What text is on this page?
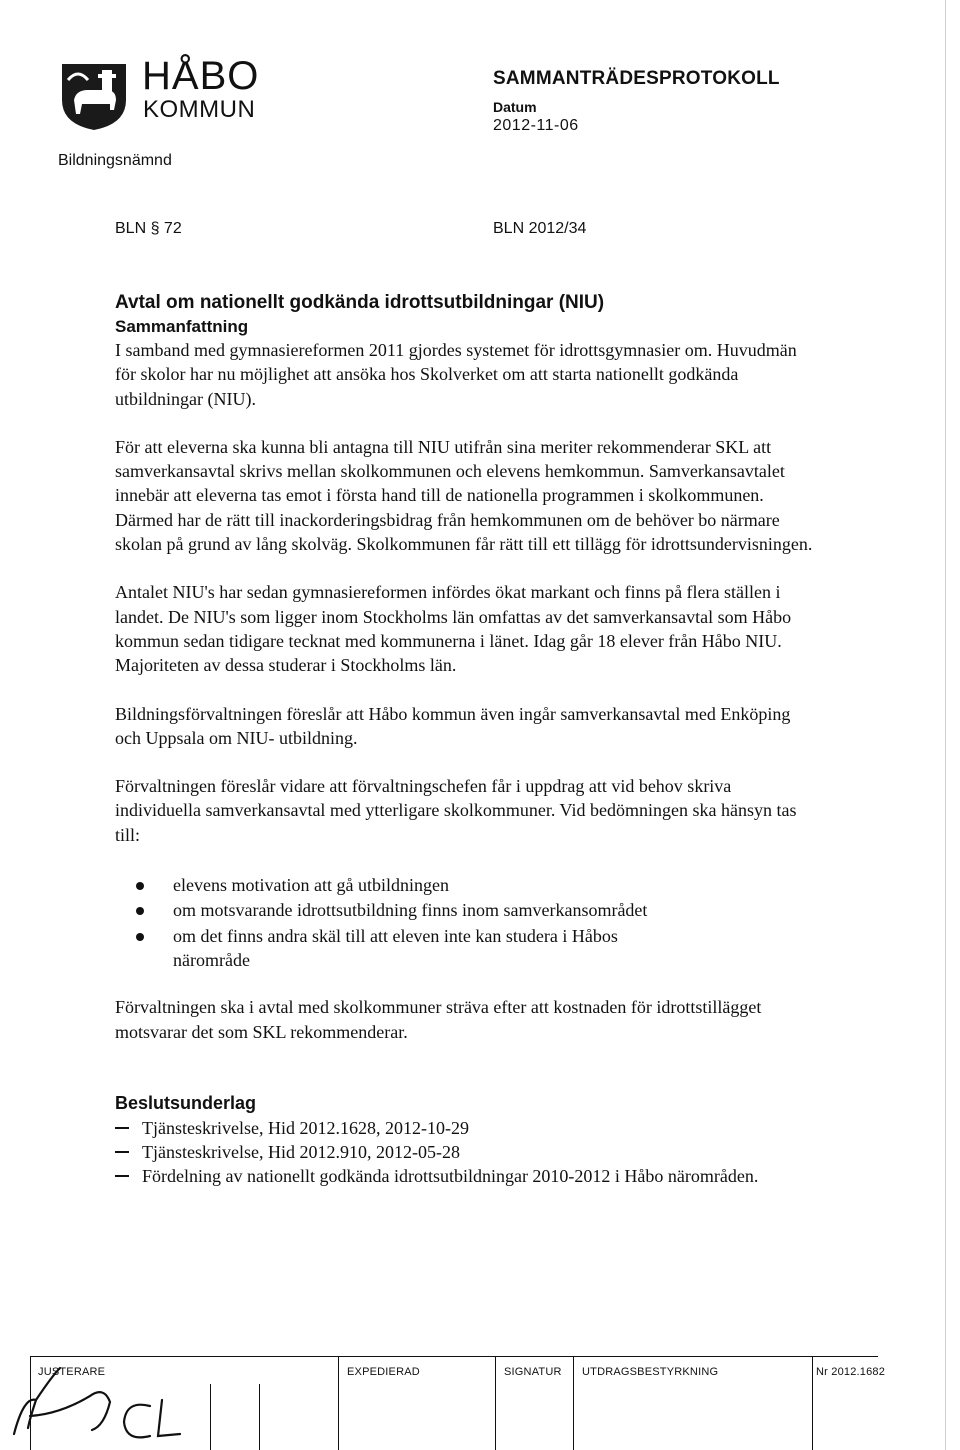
HÅBO
KOMMUN
Bildningsnämnd
SAMMANTRÄDESPROTOKOLL
Datum
2012-11-06
BLN § 72	BLN 2012/34
Avtal om nationellt godkända idrottsutbildningar (NIU)
Sammanfattning

I samband med gymnasiereformen 2011 gjordes systemet för idrottsgymnasier om. Huvudmän för skolor har nu möjlighet att ansöka hos Skolverket om att starta nationellt godkända utbildningar (NIU).

För att eleverna ska kunna bli antagna till NIU utifrån sina meriter rekommenderar SKL att samverkansavtal skrivs mellan skolkommunen och elevens hemkommun. Samverkansavtalet innebär att eleverna tas emot i första hand till de nationella programmen i skolkommunen. Därmed har de rätt till inackorderingsbidrag från hemkommunen om de behöver bo närmare skolan på grund av lång skolväg. Skolkommunen får rätt till ett tillägg för idrottsundervisningen.

Antalet NIU's har sedan gymnasiereformen infördes ökat markant och finns på flera ställen i landet. De NIU's som ligger inom Stockholms län omfattas av det samverkansavtal som Håbo kommun sedan tidigare tecknat med kommunerna i länet. Idag går 18 elever från Håbo NIU. Majoriteten av dessa studerar i Stockholms län.

Bildningsförvaltningen föreslår att Håbo kommun även ingår samverkansavtal med Enköping och Uppsala om NIU- utbildning.

Förvaltningen föreslår vidare att förvaltningschefen får i uppdrag att vid behov skriva individuella samverkansavtal med ytterligare skolkommuner. Vid bedömningen ska hänsyn tas till:

elevens motivation att gå utbildningen
om motsvarande idrottsutbildning finns inom samverkansområdet
om det finns andra skäl till att eleven inte kan studera i Håbos närområde

Förvaltningen ska i avtal med skolkommuner sträva efter att kostnaden för idrottstillägget motsvarar det som SKL rekommenderar.

Beslutsunderlag
Tjänsteskrivelse, Hid 2012.1628, 2012-10-29
Tjänsteskrivelse, Hid 2012.910, 2012-05-28
Fördelning av nationellt godkända idrottsutbildningar 2010-2012 i Håbo närområden.
JUSTERARE	EXPEDIERAD	SIGNATUR UTDRAGSBESTYRKNING	Nr 2012.1682
